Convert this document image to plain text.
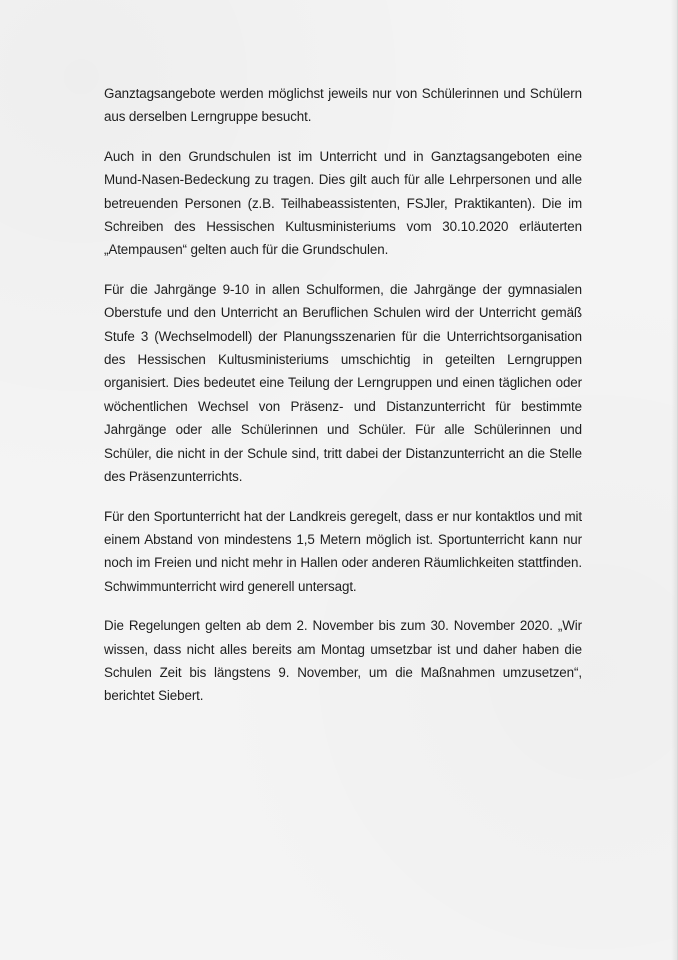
Ganztagsangebote werden möglichst jeweils nur von Schülerinnen und Schülern aus derselben Lerngruppe besucht.

Auch in den Grundschulen ist im Unterricht und in Ganztagsangeboten eine Mund-Nasen-Bedeckung zu tragen. Dies gilt auch für alle Lehrpersonen und alle betreuenden Personen (z.B. Teilhabeassistenten, FSJler, Praktikanten). Die im Schreiben des Hessischen Kultusministeriums vom 30.10.2020 erläuterten „Atempausen“ gelten auch für die Grundschulen.

Für die Jahrgänge 9-10 in allen Schulformen, die Jahrgänge der gymnasialen Oberstufe und den Unterricht an Beruflichen Schulen wird der Unterricht gemäß Stufe 3 (Wechselmodell) der Planungsszenarien für die Unterrichtsorganisation des Hessischen Kultusministeriums umschichtig in geteilten Lerngruppen organisiert. Dies bedeutet eine Teilung der Lerngruppen und einen täglichen oder wöchentlichen Wechsel von Präsenz- und Distanzunterricht für bestimmte Jahrgänge oder alle Schülerinnen und Schüler. Für alle Schülerinnen und Schüler, die nicht in der Schule sind, tritt dabei der Distanzunterricht an die Stelle des Präsenzunterrichts.

Für den Sportunterricht hat der Landkreis geregelt, dass er nur kontaktlos und mit einem Abstand von mindestens 1,5 Metern möglich ist. Sportunterricht kann nur noch im Freien und nicht mehr in Hallen oder anderen Räumlichkeiten stattfinden. Schwimmunterricht wird generell untersagt.

Die Regelungen gelten ab dem 2. November bis zum 30. November 2020. „Wir wissen, dass nicht alles bereits am Montag umsetzbar ist und daher haben die Schulen Zeit bis längstens 9. November, um die Maßnahmen umzusetzen“, berichtet Siebert.
